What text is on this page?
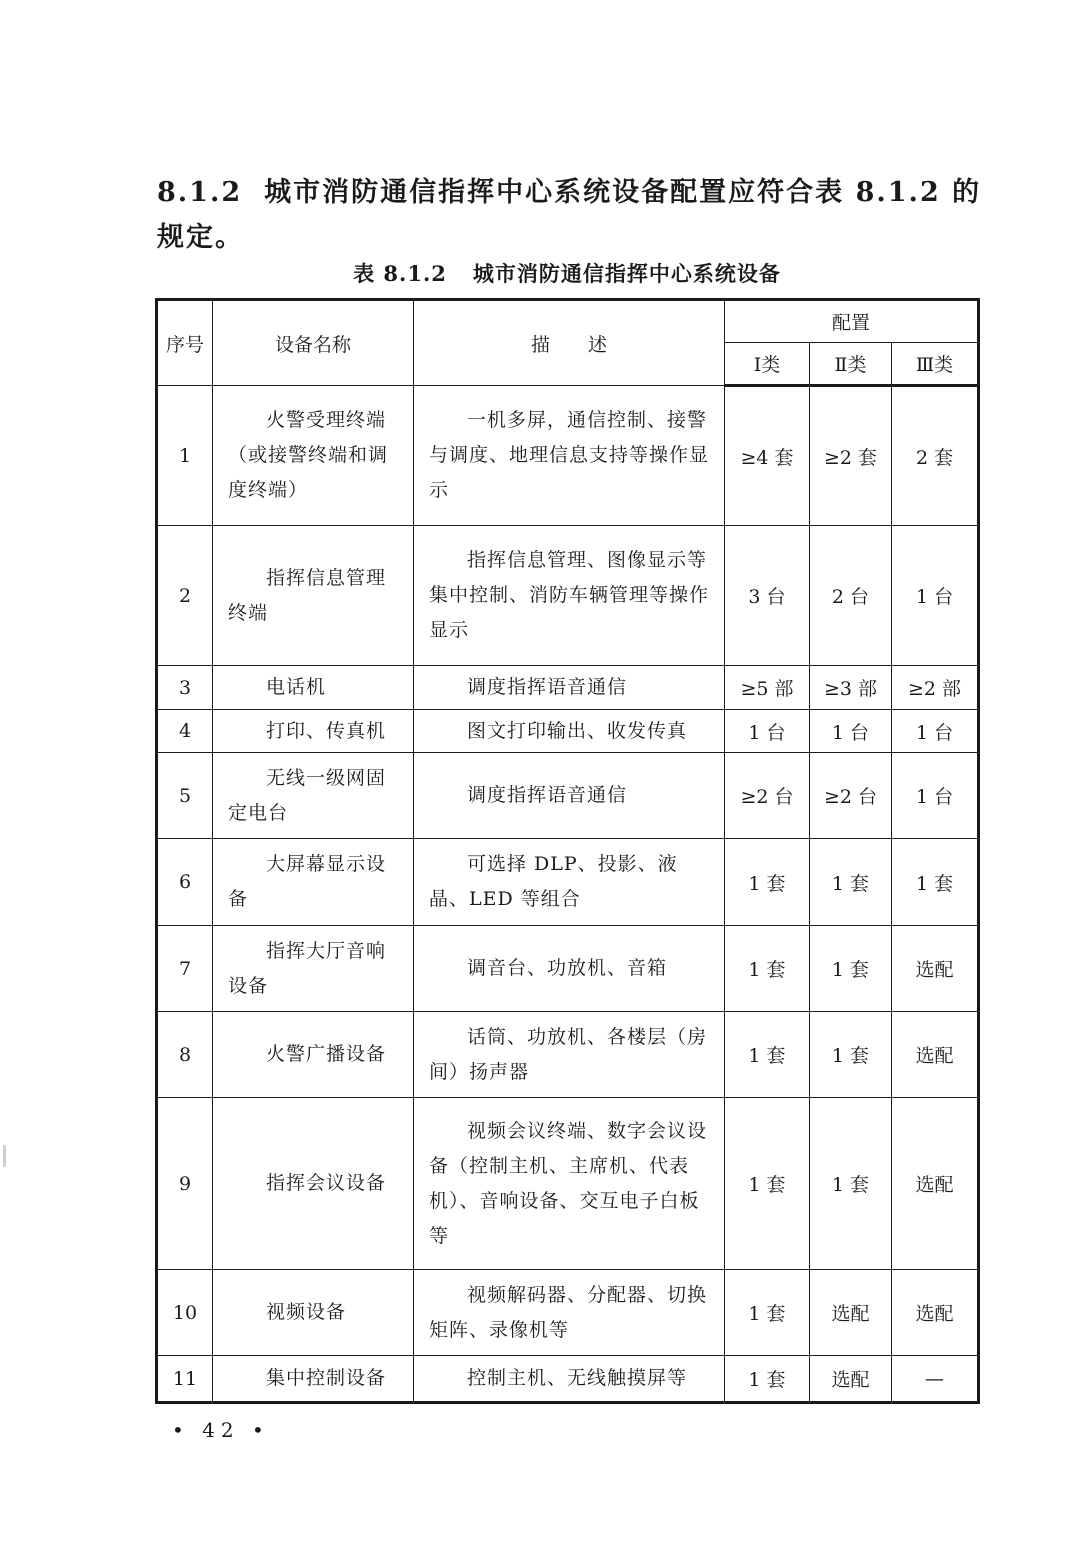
8.1.2 城市消防通信指挥中心系统设备配置应符合表 8.1.2 的规定。
表 8.1.2 城市消防通信指挥中心系统设备
序号	设备名称	描　　述	配置		
			Ⅰ类	Ⅱ类	Ⅲ类
1	火警受理终端（或接警终端和调度终端）	一机多屏，通信控制、接警与调度、地理信息支持等操作显示	≥4 套	≥2 套	2 套
2	指挥信息管理终端	指挥信息管理、图像显示等集中控制、消防车辆管理等操作显示	3 台	2 台	1 台
3	电话机	调度指挥语音通信	≥5 部	≥3 部	≥2 部
4	打印、传真机	图文打印输出、收发传真	1 台	1 台	1 台
5	无线一级网固定电台	调度指挥语音通信	≥2 台	≥2 台	1 台
6	大屏幕显示设备	可选择 DLP、投影、液晶、LED 等组合	1 套	1 套	1 套
7	指挥大厅音响设备	调音台、功放机、音箱	1 套	1 套	选配
8	火警广播设备	话筒、功放机、各楼层（房间）扬声器	1 套	1 套	选配
9	指挥会议设备	视频会议终端、数字会议设备（控制主机、主席机、代表机）、音响设备、交互电子白板等	1 套	1 套	选配
10	视频设备	视频解码器、分配器、切换矩阵、录像机等	1 套	选配	选配
11	集中控制设备	控制主机、无线触摸屏等	1 套	选配	—
• 42 •
